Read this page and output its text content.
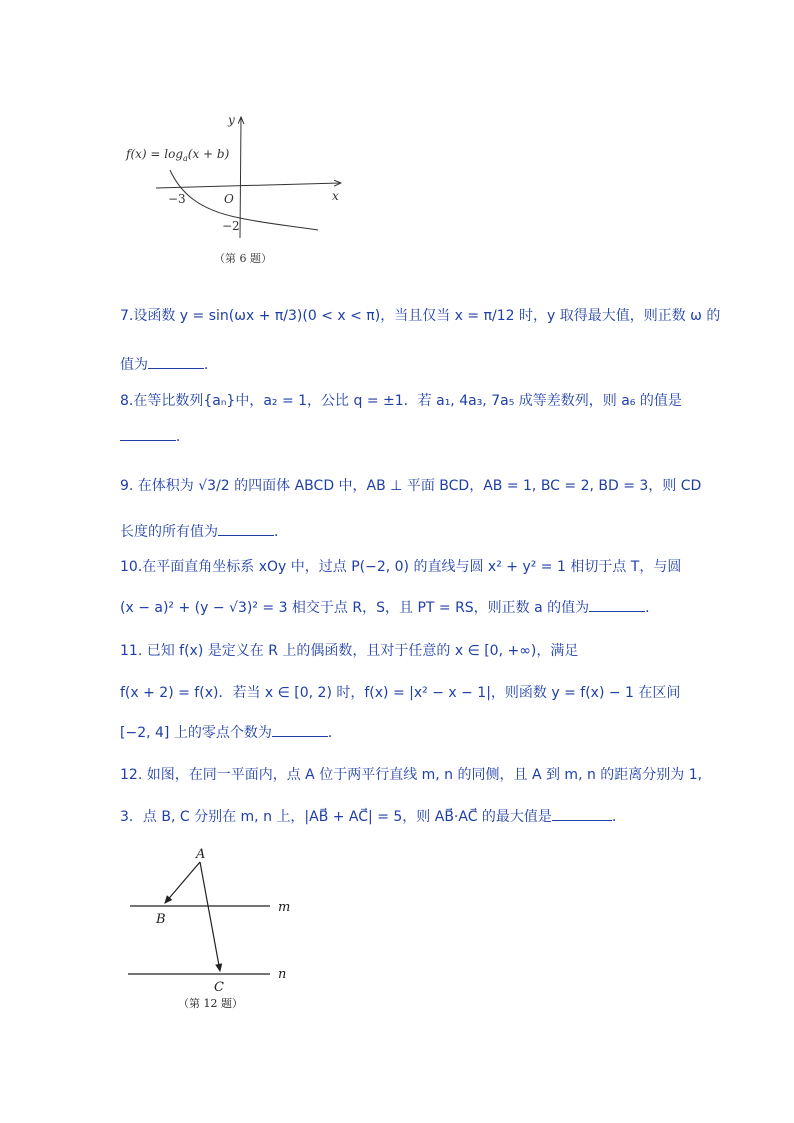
y
x
O
−3
−2
$f(x) = \log_a(x + b)$
（第 6 题）
7.设函数 y = sin(ωx + π/3)(0 < x < π)，当且仅当 x = π/12 时，y 取得最大值，则正数 ω 的
值为	．
8.在等比数列{aₙ}中，a₂ = 1，公比 q = ±1．若 a₁, 4a₃, 7a₅ 成等差数列，则 a₆ 的值是
．
9. 在体积为 √3/2 的四面体 ABCD 中，AB ⊥ 平面 BCD，AB = 1, BC = 2, BD = 3，则 CD
长度的所有值为	．
10.在平面直角坐标系 xOy 中，过点 P(−2, 0) 的直线与圆 x² + y² = 1 相切于点 T，与圆
(x − a)² + (y − √3)² = 3 相交于点 R，S，且 PT = RS，则正数 a 的值为	．
11. 已知 f(x) 是定义在 R 上的偶函数，且对于任意的 x ∈ [0, +∞)，满足
f(x + 2) = f(x)．若当 x ∈ [0, 2) 时，f(x) = |x² − x − 1|，则函数 y = f(x) − 1 在区间
[−2, 4] 上的零点个数为	．
12. 如图，在同一平面内，点 A 位于两平行直线 m, n 的同侧，且 A 到 m, n 的距离分别为 1,
3．点 B, C 分别在 m, n 上，|AB⃗ + AC⃗| = 5，则 AB⃗·AC⃗ 的最大值是	．
A
B
C
m
n
（第 12 题）
